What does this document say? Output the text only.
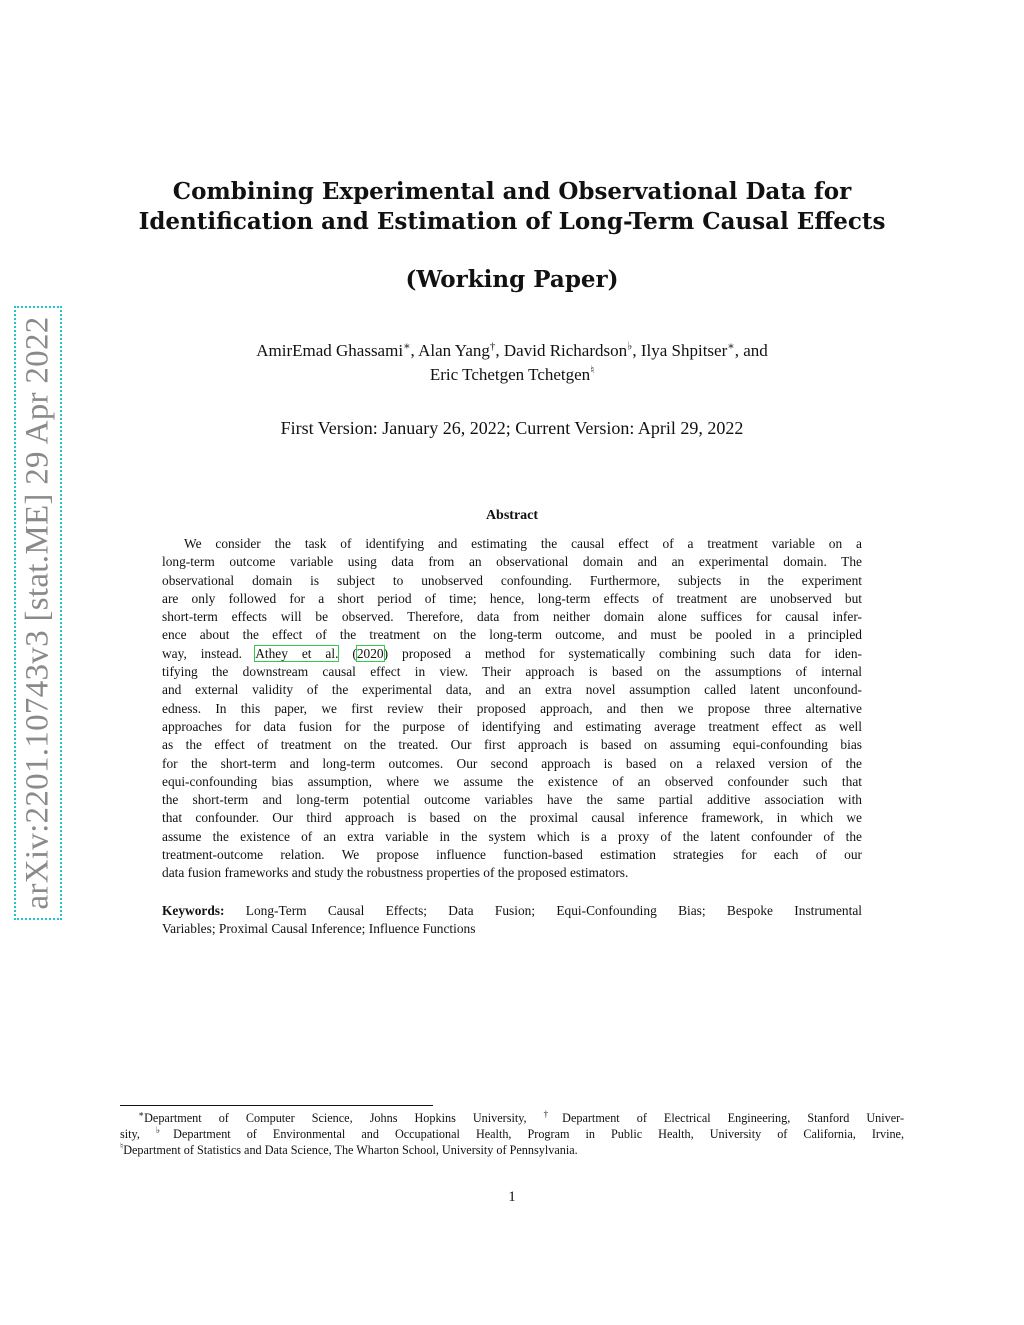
arXiv:2201.10743v3 [stat.ME] 29 Apr 2022
Combining Experimental and Observational Data for
Identification and Estimation of Long-Term Causal Effects
(Working Paper)
AmirEmad Ghassami∗, Alan Yang†, David Richardson♭, Ilya Shpitser∗, and
Eric Tchetgen Tchetgen♮
First Version: January 26, 2022; Current Version: April 29, 2022
Abstract
We consider the task of identifying and estimating the causal effect of a treatment variable on a
long-term outcome variable using data from an observational domain and an experimental domain. The
observational domain is subject to unobserved confounding. Furthermore, subjects in the experiment
are only followed for a short period of time; hence, long-term effects of treatment are unobserved but
short-term effects will be observed. Therefore, data from neither domain alone suffices for causal infer-
ence about the effect of the treatment on the long-term outcome, and must be pooled in a principled
way, instead. Athey et al. (2020) proposed a method for systematically combining such data for iden-
tifying the downstream causal effect in view. Their approach is based on the assumptions of internal
and external validity of the experimental data, and an extra novel assumption called latent unconfound-
edness. In this paper, we first review their proposed approach, and then we propose three alternative
approaches for data fusion for the purpose of identifying and estimating average treatment effect as well
as the effect of treatment on the treated. Our first approach is based on assuming equi-confounding bias
for the short-term and long-term outcomes. Our second approach is based on a relaxed version of the
equi-confounding bias assumption, where we assume the existence of an observed confounder such that
the short-term and long-term potential outcome variables have the same partial additive association with
that confounder. Our third approach is based on the proximal causal inference framework, in which we
assume the existence of an extra variable in the system which is a proxy of the latent confounder of the
treatment-outcome relation. We propose influence function-based estimation strategies for each of our
data fusion frameworks and study the robustness properties of the proposed estimators.
Keywords: Long-Term Causal Effects; Data Fusion; Equi-Confounding Bias; Bespoke Instrumental
Variables; Proximal Causal Inference; Influence Functions
∗Department of Computer Science, Johns Hopkins University, †Department of Electrical Engineering, Stanford Univer-
sity, ♭Department of Environmental and Occupational Health, Program in Public Health, University of California, Irvine,
♮Department of Statistics and Data Science, The Wharton School, University of Pennsylvania.
1
